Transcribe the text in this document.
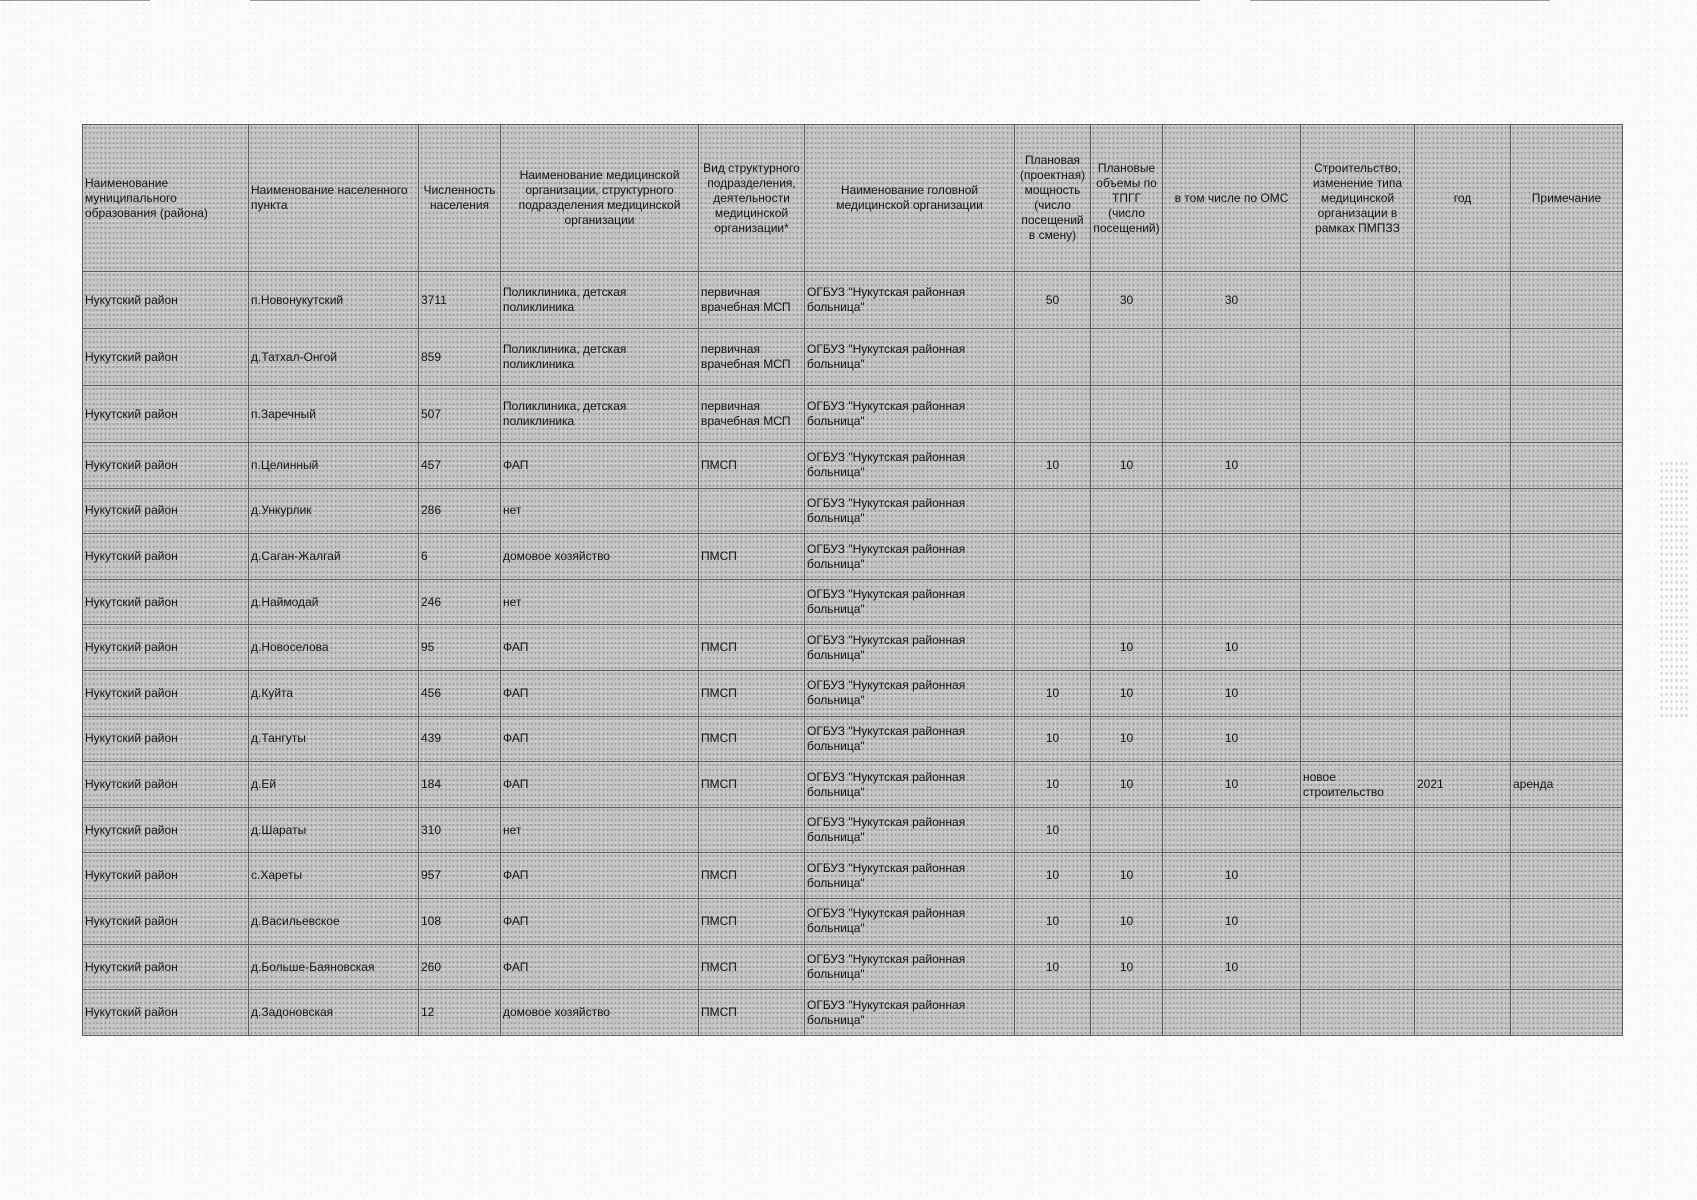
Наименование муниципального образования (района)	Наименование населенного пункта	Численность населения	Наименование медицинской организации, структурного подразделения медицинской организации	Вид структурного подразделения, деятельности медицинской организации*	Наименование головной медицинской организации	Плановая (проектная) мощность (число посещений в смену)	Плановые объемы по ТПГГ (число посещений)	в том числе по ОМС	Строительство, изменение типа медицинской организации в рамках ПМПЗЗ	год	Примечание
Нукутский район	п.Новонукутский	3711	Поликлиника, детская поликлиника	первичная врачебная МСП	ОГБУЗ "Нукутская районная больница"	50	30	30			
Нукутский район	д.Татхал-Онгой	859	Поликлиника, детская поликлиника	первичная врачебная МСП	ОГБУЗ "Нукутская районная больница"						
Нукутский район	п.Заречный	507	Поликлиника, детская поликлиника	первичная врачебная МСП	ОГБУЗ "Нукутская районная больница"						
Нукутский район	п.Целинный	457	ФАП	ПМСП	ОГБУЗ "Нукутская районная больница"	10	10	10			
Нукутский район	д.Ункурлик	286	нет		ОГБУЗ "Нукутская районная больница"						
Нукутский район	д.Саган-Жалгай	6	домовое хозяйство	ПМСП	ОГБУЗ "Нукутская районная больница"						
Нукутский район	д.Наймодай	246	нет		ОГБУЗ "Нукутская районная больница"						
Нукутский район	д.Новоселова	95	ФАП	ПМСП	ОГБУЗ "Нукутская районная больница"		10	10			
Нукутский район	д.Куйта	456	ФАП	ПМСП	ОГБУЗ "Нукутская районная больница"	10	10	10			
Нукутский район	д.Тангуты	439	ФАП	ПМСП	ОГБУЗ "Нукутская районная больница"	10	10	10			
Нукутский район	д.Ей	184	ФАП	ПМСП	ОГБУЗ "Нукутская районная больница"	10	10	10	новое строительство	2021	аренда
Нукутский район	д.Шараты	310	нет		ОГБУЗ "Нукутская районная больница"	10					
Нукутский район	с.Хареты	957	ФАП	ПМСП	ОГБУЗ "Нукутская районная больница"	10	10	10			
Нукутский район	д.Васильевское	108	ФАП	ПМСП	ОГБУЗ "Нукутская районная больница"	10	10	10			
Нукутский район	д.Больше-Баяновская	260	ФАП	ПМСП	ОГБУЗ "Нукутская районная больница"	10	10	10			
Нукутский район	д.Задоновская	12	домовое хозяйство	ПМСП	ОГБУЗ "Нукутская районная больница"						
